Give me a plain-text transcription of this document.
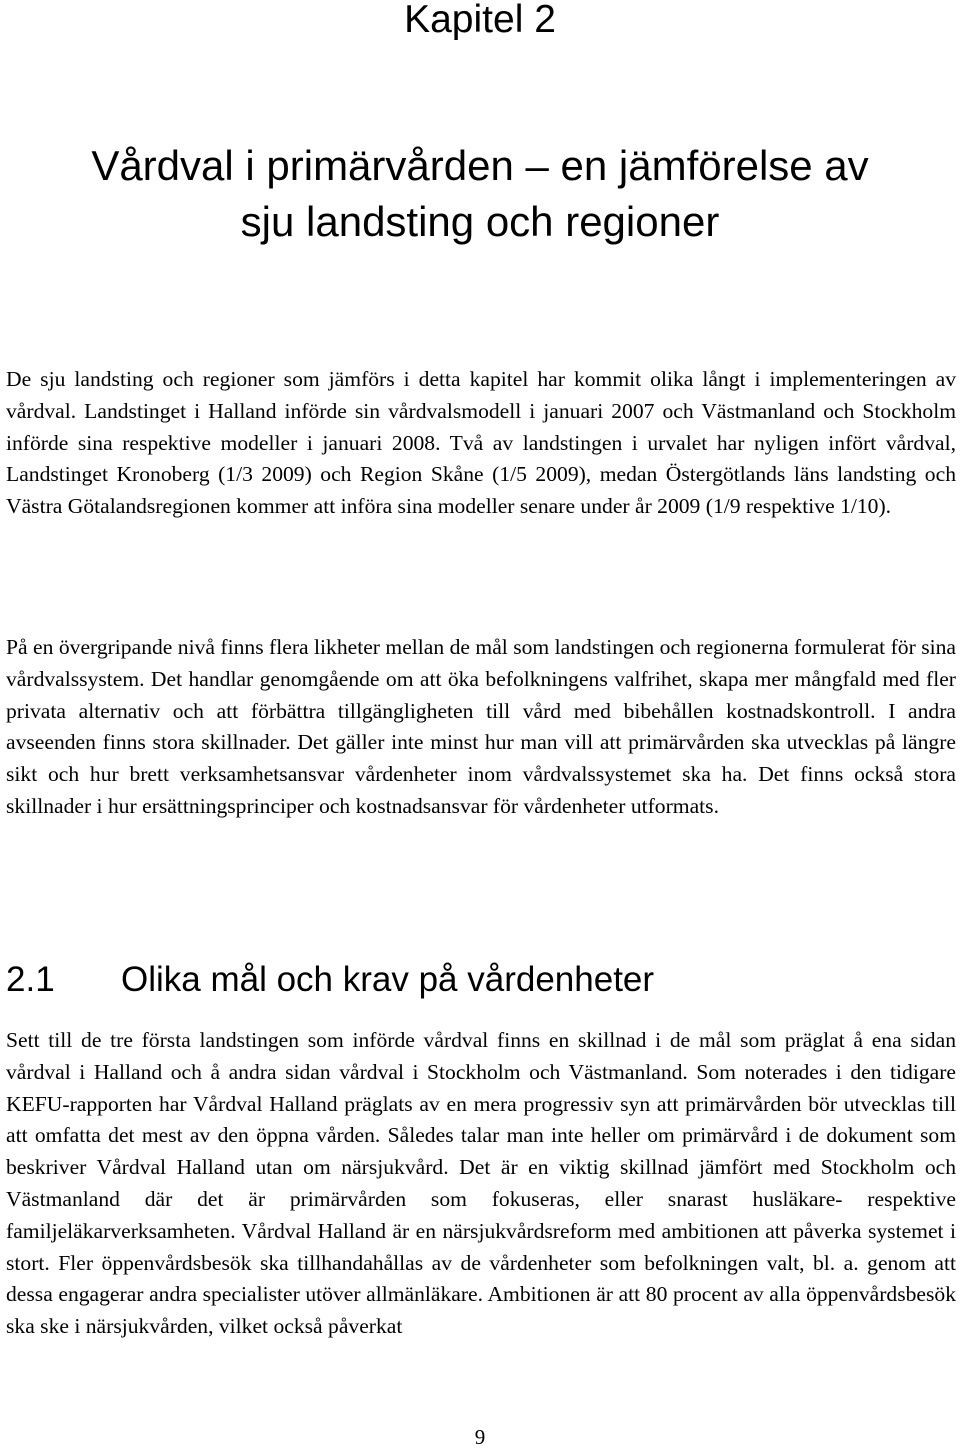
Kapitel 2
Vårdval i primärvården – en jämförelse av
sju landsting och regioner

De sju landsting och regioner som jämförs i detta kapitel har kommit olika långt i implementeringen av vårdval. Landstinget i Halland införde sin vårdvalsmodell i januari 2007 och Västmanland och Stockholm införde sina respektive modeller i januari 2008. Två av landstingen i urvalet har nyligen infört vårdval, Landstinget Kronoberg (1/3 2009) och Region Skåne (1/5 2009), medan Östergötlands läns landsting och Västra Götalandsregionen kommer att införa sina modeller senare under år 2009 (1/9 respektive 1/10).

På en övergripande nivå finns flera likheter mellan de mål som landstingen och regionerna formulerat för sina vårdvalssystem. Det handlar genomgående om att öka befolkningens valfrihet, skapa mer mångfald med fler privata alternativ och att förbättra tillgängligheten till vård med bibehållen kostnadskontroll. I andra avseenden finns stora skillnader. Det gäller inte minst hur man vill att primärvården ska utvecklas på längre sikt och hur brett verksamhetsansvar vårdenheter inom vårdvalssystemet ska ha. Det finns också stora skillnader i hur ersättningsprinciper och kostnadsansvar för vårdenheter utformats.

2.1 Olika mål och krav på vårdenheter

Sett till de tre första landstingen som införde vårdval finns en skillnad i de mål som präglat å ena sidan vårdval i Halland och å andra sidan vårdval i Stockholm och Västmanland. Som noterades i den tidigare KEFU-rapporten har Vårdval Halland präglats av en mera progressiv syn att primärvården bör utvecklas till att omfatta det mest av den öppna vården. Således talar man inte heller om primärvård i de dokument som beskriver Vårdval Halland utan om närsjukvård. Det är en viktig skillnad jämfört med Stockholm och Västmanland där det är primärvården som fokuseras, eller snarast husläkare- respektive familjeläkarverksamheten. Vårdval Halland är en närsjukvårdsreform med ambitionen att påverka systemet i stort. Fler öppenvårdsbesök ska tillhandahållas av de vårdenheter som befolkningen valt, bl. a. genom att dessa engagerar andra specialister utöver allmänläkare. Ambitionen är att 80 procent av alla öppenvårdsbesök ska ske i närsjukvården, vilket också påverkat

9
